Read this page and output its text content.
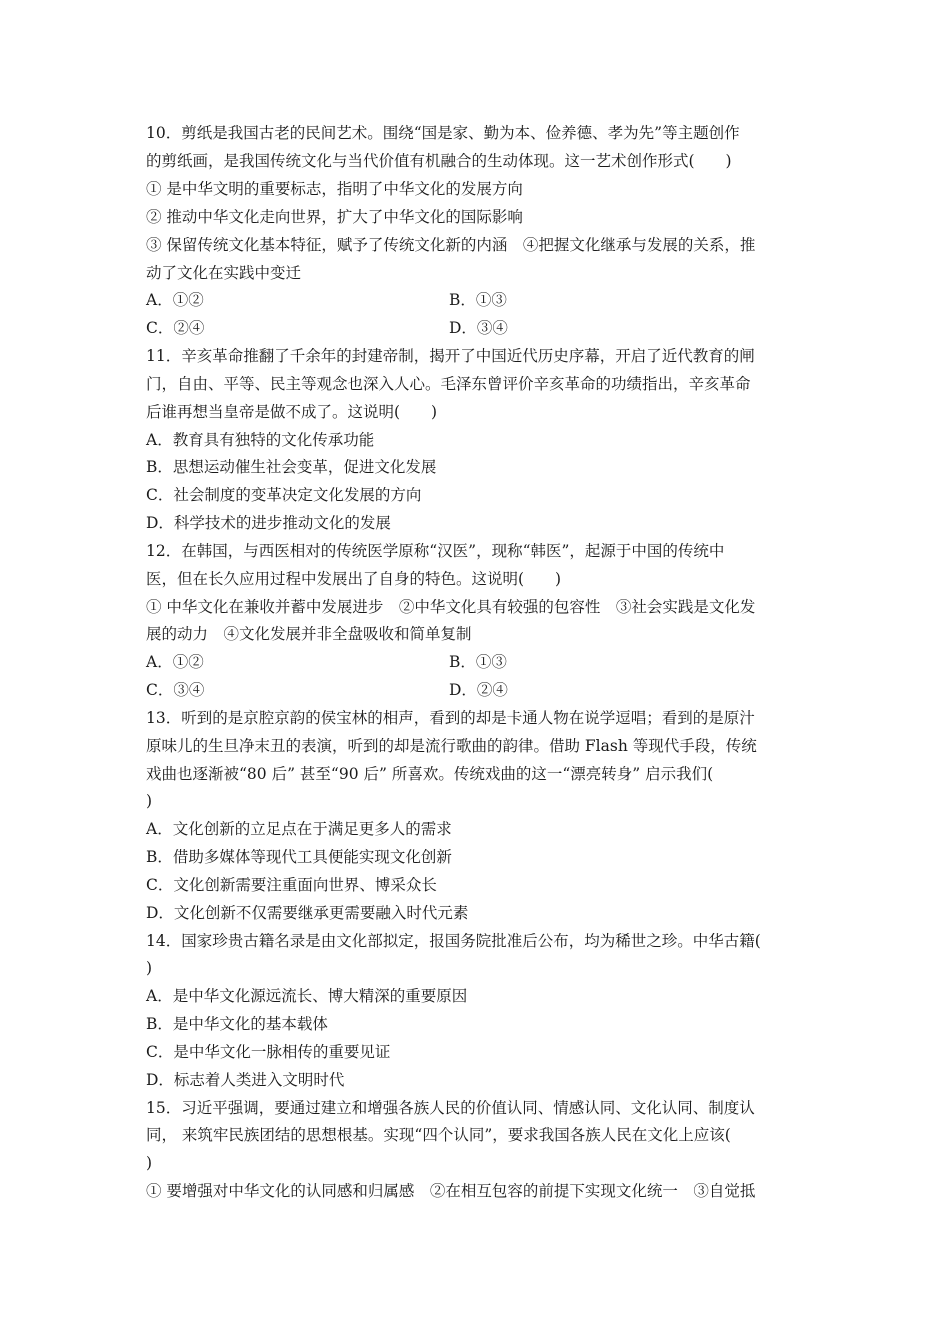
10．剪纸是我国古老的民间艺术。围绕“国是家、勤为本、俭养德、孝为先”等主题创作
的剪纸画，是我国传统文化与当代价值有机融合的生动体现。这一艺术创作形式(　　)
① 是中华文明的重要标志，指明了中华文化的发展方向
② 推动中华文化走向世界，扩大了中华文化的国际影响
③ 保留传统文化基本特征，赋予了传统文化新的内涵　④把握文化继承与发展的关系，推
动了文化在实践中变迁
A．①②	B．①③
C．②④	D．③④
11．辛亥革命推翻了千余年的封建帝制，揭开了中国近代历史序幕，开启了近代教育的闸
门，自由、平等、民主等观念也深入人心。毛泽东曾评价辛亥革命的功绩指出，辛亥革命
后谁再想当皇帝是做不成了。这说明(　　)
A．教育具有独特的文化传承功能
B．思想运动催生社会变革，促进文化发展
C．社会制度的变革决定文化发展的方向
D．科学技术的进步推动文化的发展
12．在韩国，与西医相对的传统医学原称“汉医”，现称“韩医”，起源于中国的传统中
医，但在长久应用过程中发展出了自身的特色。这说明(　　)
① 中华文化在兼收并蓄中发展进步　②中华文化具有较强的包容性　③社会实践是文化发
展的动力　④文化发展并非全盘吸收和简单复制
A．①②	B．①③
C．③④	D．②④
13．听到的是京腔京韵的侯宝林的相声，看到的却是卡通人物在说学逗唱；看到的是原汁
原味儿的生旦净末丑的表演，听到的却是流行歌曲的韵律。借助 Flash 等现代手段，传统
戏曲也逐渐被“80 后” 甚至“90 后” 所喜欢。传统戏曲的这一“漂亮转身” 启示我们(
)
A．文化创新的立足点在于满足更多人的需求
B．借助多媒体等现代工具便能实现文化创新
C．文化创新需要注重面向世界、博采众长
D．文化创新不仅需要继承更需要融入时代元素
14．国家珍贵古籍名录是由文化部拟定，报国务院批准后公布，均为稀世之珍。中华古籍(
)
A．是中华文化源远流长、博大精深的重要原因
B．是中华文化的基本载体
C．是中华文化一脉相传的重要见证
D．标志着人类进入文明时代
15．习近平强调，要通过建立和增强各族人民的价值认同、情感认同、文化认同、制度认
同， 来筑牢民族团结的思想根基。实现“四个认同”，要求我国各族人民在文化上应该(
)
① 要增强对中华文化的认同感和归属感　②在相互包容的前提下实现文化统一　③自觉抵
